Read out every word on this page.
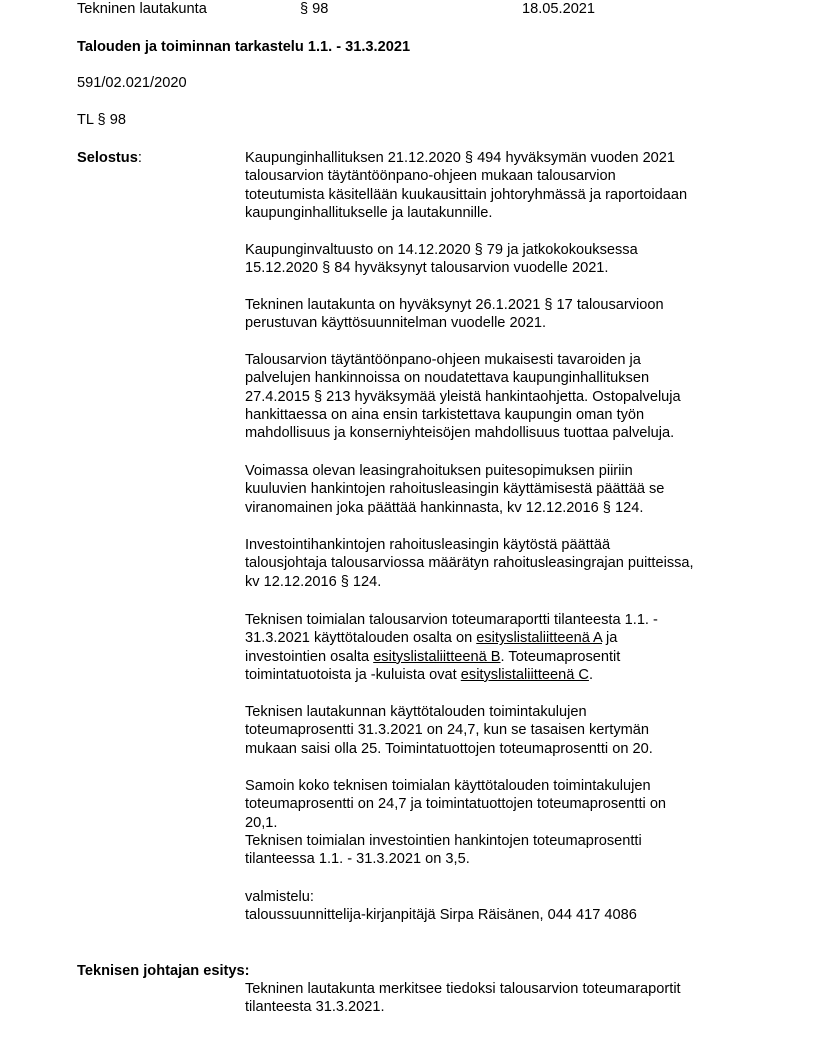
Tekninen lautakunta	§ 98	18.05.2021
Talouden ja toiminnan tarkastelu 1.1. - 31.3.2021
591/02.021/2020
TL § 98
Selostus:	Kaupunginhallituksen 21.12.2020 § 494 hyväksymän vuoden 2021
talousarvion täytäntöönpano-ohjeen mukaan talousarvion
toteutumista käsitellään kuukausittain johtoryhmässä ja raportoidaan
kaupunginhallitukselle ja lautakunnille.

Kaupunginvaltuusto on 14.12.2020 § 79 ja jatkokokouksessa
15.12.2020 § 84 hyväksynyt talousarvion vuodelle 2021.

Tekninen lautakunta on hyväksynyt 26.1.2021 § 17 talousarvioon
perustuvan käyttösuunnitelman vuodelle 2021.

Talousarvion täytäntöönpano-ohjeen mukaisesti tavaroiden ja
palvelujen hankinnoissa on noudatettava kaupunginhallituksen
27.4.2015 § 213 hyväksymää yleistä hankintaohjetta. Ostopalveluja
hankittaessa on aina ensin tarkistettava kaupungin oman työn
mahdollisuus ja konserniyhteisöjen mahdollisuus tuottaa palveluja.

Voimassa olevan leasingrahoituksen puitesopimuksen piiriin
kuuluvien hankintojen rahoitusleasingin käyttämisestä päättää se
viranomainen joka päättää hankinnasta, kv 12.12.2016 § 124.

Investointihankintojen rahoitusleasingin käytöstä päättää
talousjohtaja talousarviossa määrätyn rahoitusleasingrajan puitteissa,
kv 12.12.2016 § 124.

Teknisen toimialan talousarvion toteumaraportti tilanteesta 1.1. -
31.3.2021 käyttötalouden osalta on esityslistaliitteenä A ja
investointien osalta esityslistaliitteenä B. Toteumaprosentit
toimintatuotoista ja -kuluista ovat esityslistaliitteenä C.

Teknisen lautakunnan käyttötalouden toimintakulujen
toteumaprosentti 31.3.2021 on 24,7, kun se tasaisen kertymän
mukaan saisi olla 25. Toimintatuottojen toteumaprosentti on 20.

Samoin koko teknisen toimialan käyttötalouden toimintakulujen
toteumaprosentti on 24,7 ja toimintatuottojen toteumaprosentti on
20,1.
Teknisen toimialan investointien hankintojen toteumaprosentti
tilanteessa 1.1. - 31.3.2021 on 3,5.

valmistelu:
taloussuunnittelija-kirjanpitäjä Sirpa Räisänen, 044 417 4086

Teknisen johtajan esitys:

Tekninen lautakunta merkitsee tiedoksi talousarvion toteumaraportit
tilanteesta 31.3.2021.
